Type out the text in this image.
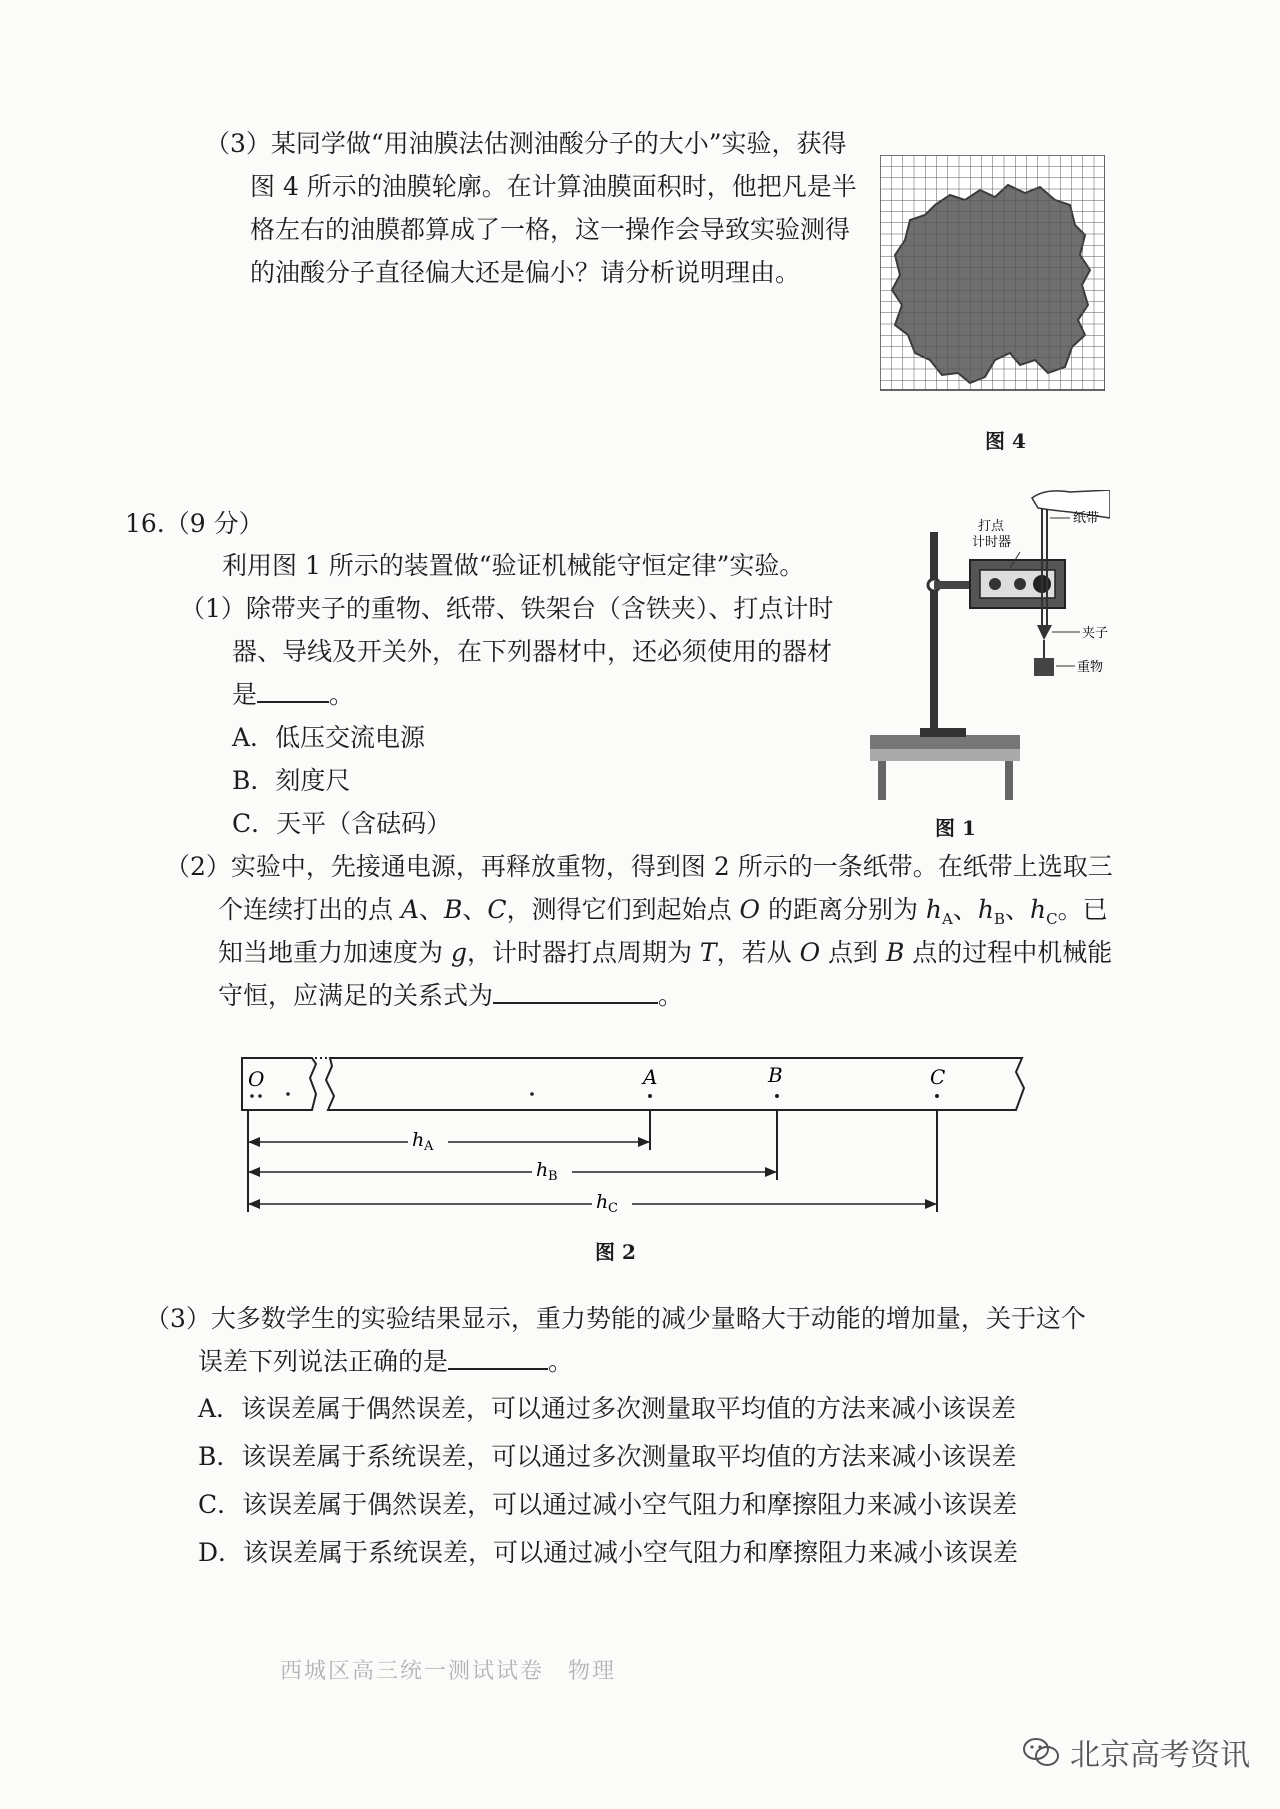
（3）某同学做“用油膜法估测油酸分子的大小”实验，获得
图 4 所示的油膜轮廓。在计算油膜面积时，他把凡是半
格左右的油膜都算成了一格，这一操作会导致实验测得
的油酸分子直径偏大还是偏小？请分析说明理由。
图 4
16.（9 分）
利用图 1 所示的装置做“验证机械能守恒定律”实验。
（1）除带夹子的重物、纸带、铁架台（含铁夹）、打点计时
器、导线及开关外，在下列器材中，还必须使用的器材
是	。
A．低压交流电源
B．刻度尺
C．天平（含砝码）
打点
计时器
纸带
夹子
重物
图 1
（2）实验中，先接通电源，再释放重物，得到图 2 所示的一条纸带。在纸带上选取三
个连续打出的点 A、B、C，测得它们到起始点 O 的距离分别为 $h_A$、$h_B$、$h_C$。已
知当地重力加速度为 g，计时器打点周期为 T，若从 O 点到 B 点的过程中机械能
守恒，应满足的关系式为	。
O	A	B	C
h A
h B
h C
图 2
（3）大多数学生的实验结果显示，重力势能的减少量略大于动能的增加量，关于这个
误差下列说法正确的是	。
A．该误差属于偶然误差，可以通过多次测量取平均值的方法来减小该误差
B．该误差属于系统误差，可以通过多次测量取平均值的方法来减小该误差
C．该误差属于偶然误差，可以通过减小空气阻力和摩擦阻力来减小该误差
D．该误差属于系统误差，可以通过减小空气阻力和摩擦阻力来减小该误差
西城区高三统一测试试卷　物理
北京高考资讯
